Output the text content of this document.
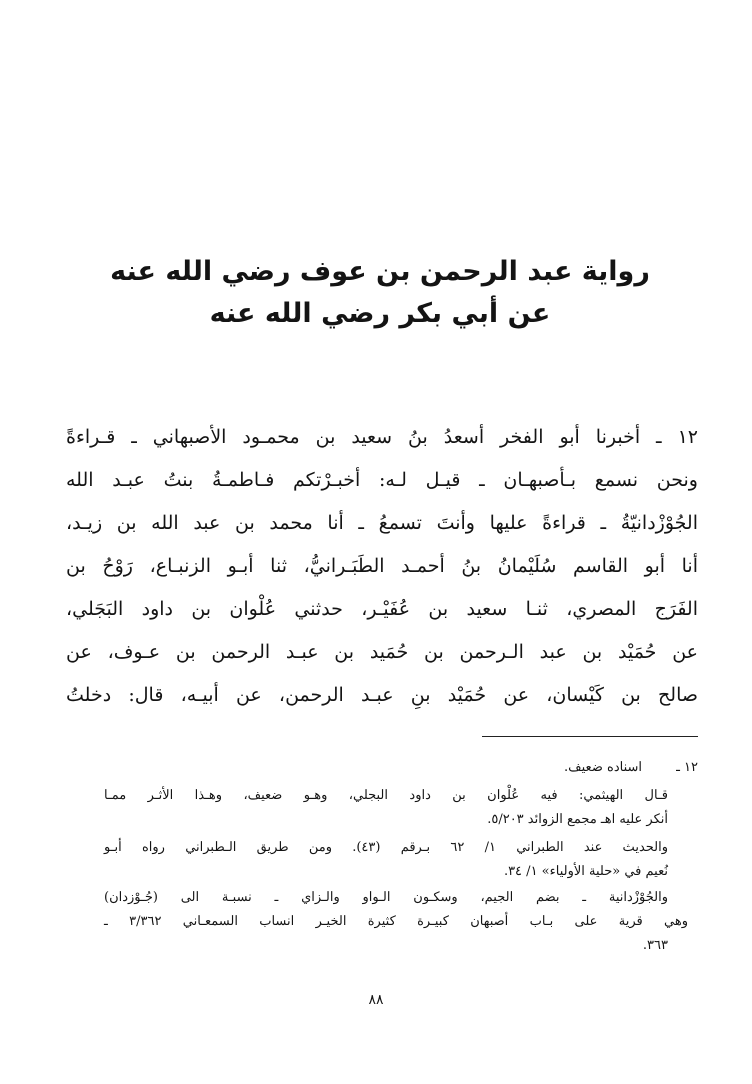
رواية عبد الرحمن بن عوف رضي الله عنه
عن أبي بكر رضي الله عنه
١٢ ـ أخبرنا أبو الفخر أسعدُ بنُ سعيد بن محمـود الأصبهاني ـ قـراءةً
ونحن نسمع بـأصبهـان ـ قيـل لـه: أخبـرْتكم فـاطمـةُ بنتُ عبـد الله
الجُوْزْدانيّةُ ـ قراءةً عليها وأنتَ تسمعُ ـ أنا محمد بن عبد الله بن زيـد،
أنا أبو القاسم سُلَيْمانُ بنُ أحمـد الطَبَـرانيُّ، ثنا أبـو الزنبـاع، رَوْحُ بن
الفَرَج المصري، ثنـا سعيد بن عُفَيْـر، حدثني عُلْوان بن داود البَجَلي،
عن حُمَيْد بن عبد الـرحمن بن حُمَيد بن عبـد الرحمن بن عـوف، عن
صالح بن كَيْسان، عن حُمَيْد بنِ عبـد الرحمن، عن أبيـه، قال: دخلتُ
١٢ ـ
اسناده ضعيف.
قـال الهيثمي: فيه عُلْوان بن داود البجلي، وهـو ضعيف، وهـذا الأثـر ممـا
أنكر عليه اهـ مجمع الزوائد ٥/٢٠٣.
والحديث عند الطبراني ١/ ٦٢ بـرقم (٤٣). ومن طريق الـطبراني رواه أبـو
نُعيم في «حلية الأولياء» ١/ ٣٤.
والجُوْزْدانية ـ بضم الجيم، وسكـون الـواو والـزاي ـ نسبـة الى (جُـوْزدان)
وهي قرية على بـاب أصبهان كبيـرة كثيرة الخيـر انساب السمعـاني ٣/٣٦٢ ـ
٣٦٣.
٨٨
